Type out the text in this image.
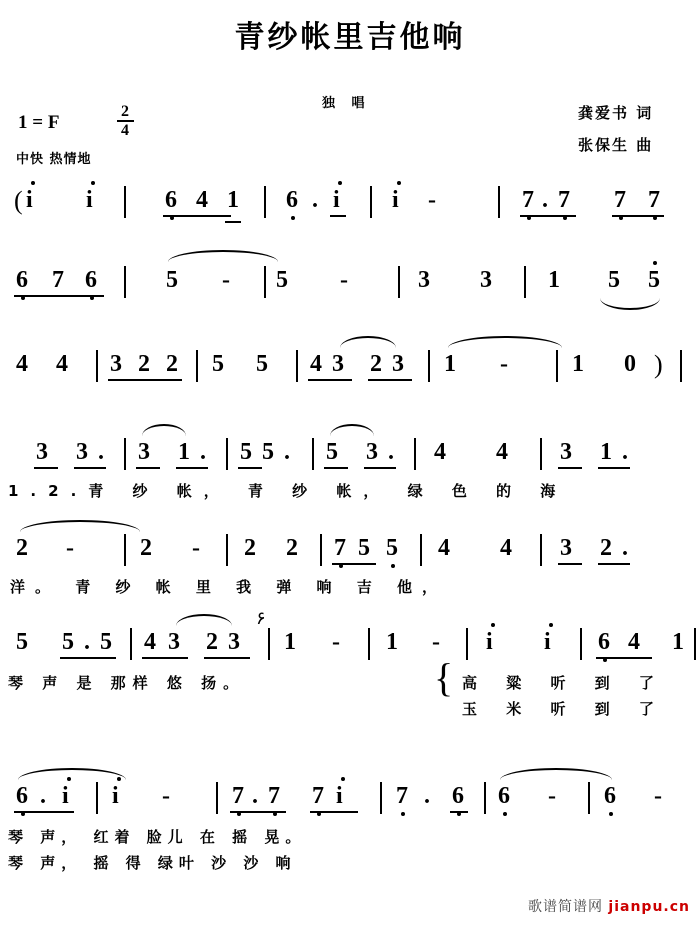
青纱帐里吉他响
独 唱
1 = F
2
4
中快 热情地
龚爱书 词
张保生 曲
( i i	6 4 1 6 . i i -	7 . 7 7 7
6 7 6	5 - 5 -	3 3 1 5 5
4 4 3 2 2 5 5 4 3 2 3 1 -	1 0 )
3 3 . 3 1 . 5 5 . 5 3 . 4 4 3 1 .
1.2.青 纱 帐， 青 纱 帐， 绿 色 的 海
2 -	2 - 2 2 7 5 5 4 4 3 2 .
洋。 青 纱 帐 里 我 弹 响 吉 他，
5 5 . 5 4 3 2 3
۶
1 - 1 - i i 6 4 1
琴 声 是 那样 悠 扬。	{ 高 粱 听 到 了
玉 米 听 到 了
6 . i i -	7 . 7 7 i 7 . 6 6 - 6 -
琴 声， 红着 脸儿 在 摇 晃。
琴 声， 摇 得 绿叶 沙 沙 响
歌谱简谱网 jianpu.cn
